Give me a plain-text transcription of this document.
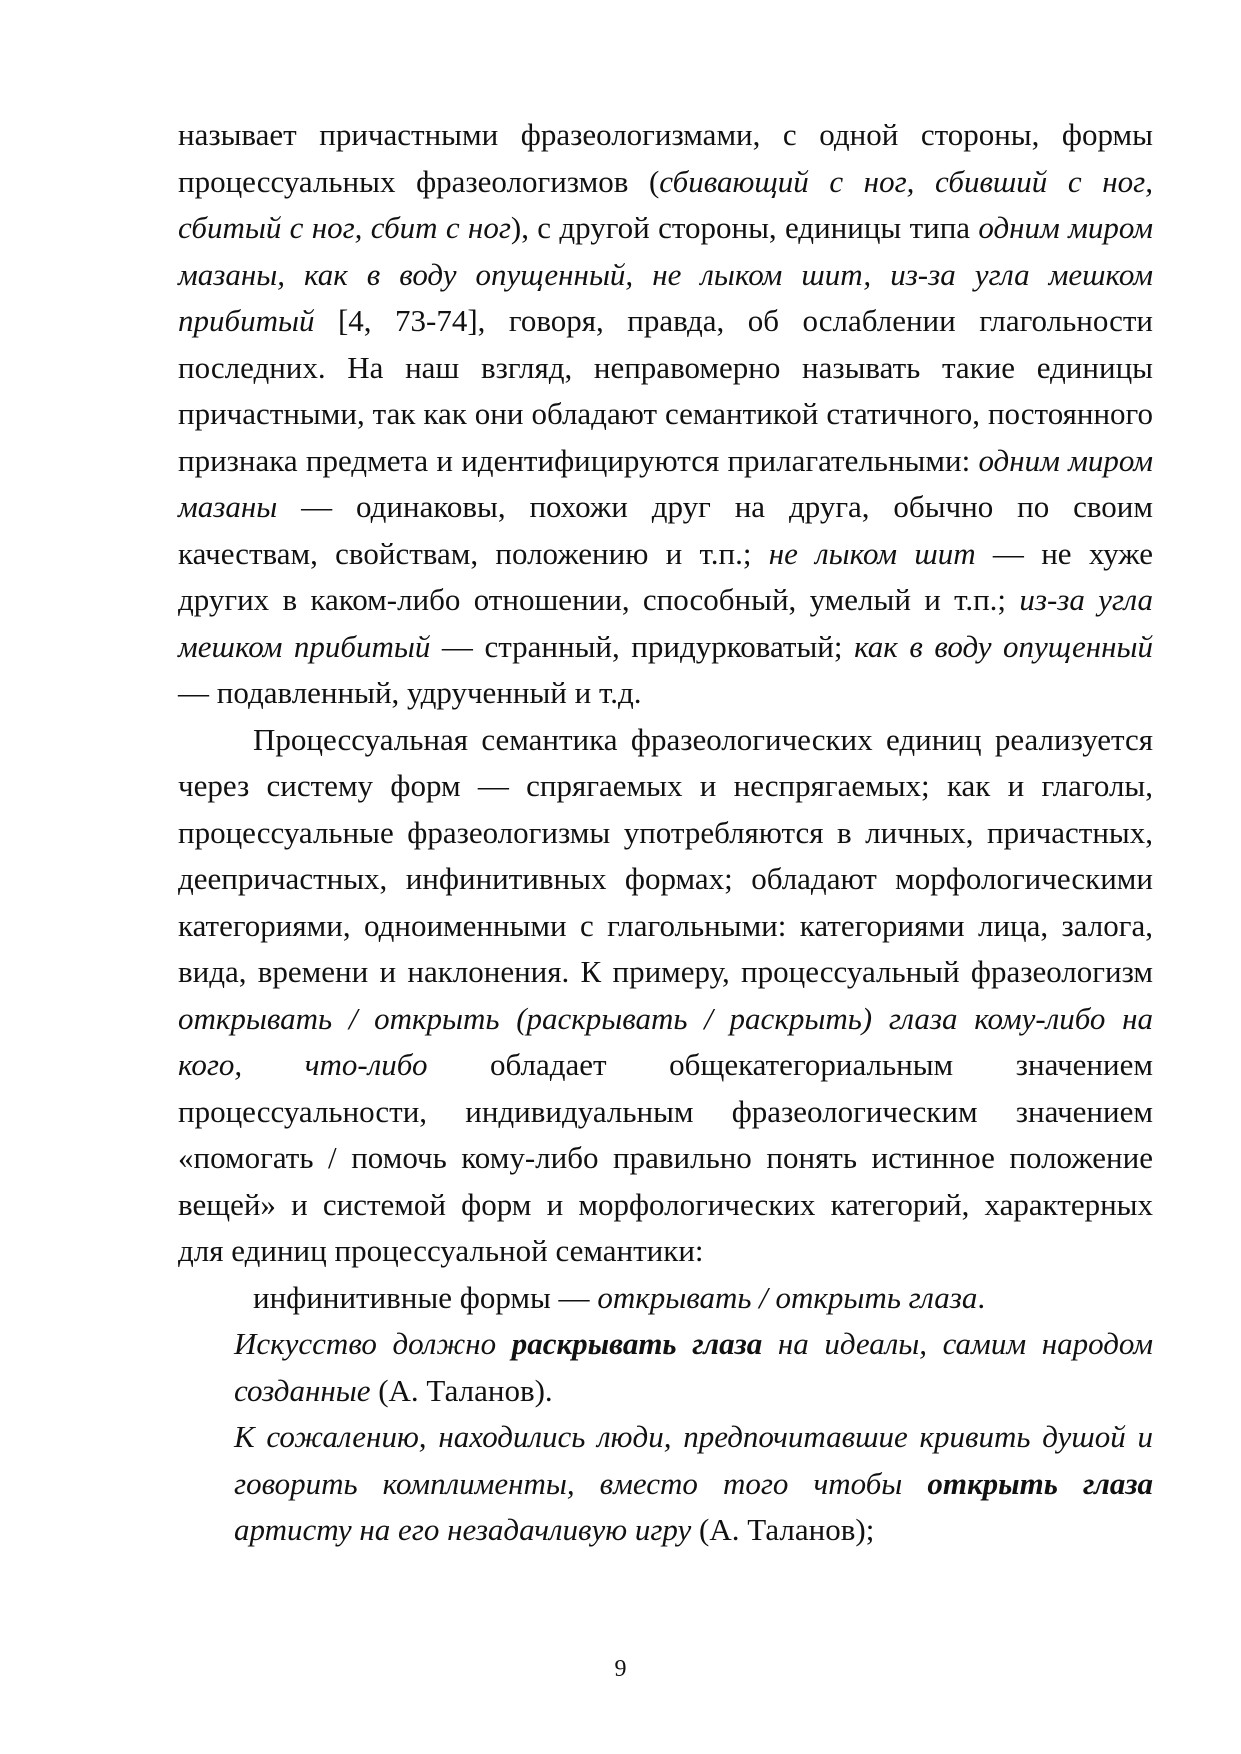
называет причастными фразеологизмами, с одной стороны, формы процессуальных фразеологизмов (сбивающий с ног, сбивший с ног, сбитый с ног, сбит с ног), с другой стороны, единицы типа одним миром мазаны, как в воду опущенный, не лыком шит, из-за угла мешком прибитый [4, 73-74], говоря, правда, об ослаблении глагольности последних. На наш взгляд, неправомерно называть такие единицы причастными, так как они обладают семантикой статичного, постоянного признака предмета и идентифицируются прилагательными: одним миром мазаны — одинаковы, похожи друг на друга, обычно по своим качествам, свойствам, положению и т.п.; не лыком шит — не хуже других в каком-либо отношении, способный, умелый и т.п.; из-за угла мешком прибитый — странный, придурковатый; как в воду опущенный — подавленный, удрученный и т.д.

Процессуальная семантика фразеологических единиц реализуется через систему форм — спрягаемых и неспрягаемых; как и глаголы, процессуальные фразеологизмы употребляются в личных, причастных, деепричастных, инфинитивных формах; обладают морфологическими категориями, одноименными с глагольными: категориями лица, залога, вида, времени и наклонения. К примеру, процессуальный фразеологизм открывать / открыть (раскрывать / раскрыть) глаза кому-либо на кого, что-либо обладает общекатегориальным значением процессуальности, индивидуальным фразеологическим значением «помогать / помочь кому-либо правильно понять истинное положение вещей» и системой форм и морфологических категорий, характерных для единиц процессуальной семантики:

инфинитивные формы — открывать / открыть глаза.

Искусство должно раскрывать глаза на идеалы, самим народом созданные (А. Таланов).

К сожалению, находились люди, предпочитавшие кривить душой и говорить комплименты, вместо того чтобы открыть глаза артисту на его незадачливую игру (А. Таланов);

9
